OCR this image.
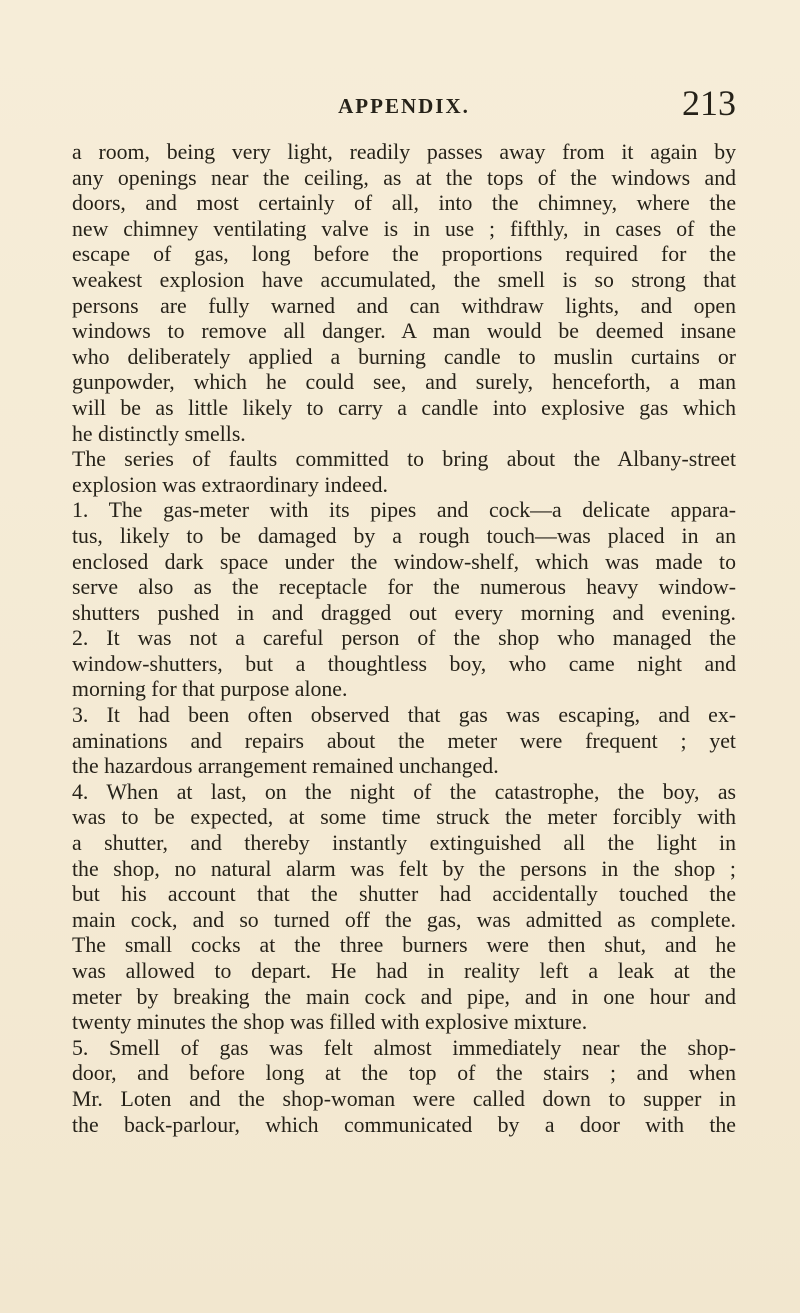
APPENDIX.	213
a room, being very light, readily passes away from it again by
any openings near the ceiling, as at the tops of the windows and
doors, and most certainly of all, into the chimney, where the
new chimney ventilating valve is in use ; fifthly, in cases of the
escape of gas, long before the proportions required for the
weakest explosion have accumulated, the smell is so strong that
persons are fully warned and can withdraw lights, and open
windows to remove all danger. A man would be deemed insane
who deliberately applied a burning candle to muslin curtains or
gunpowder, which he could see, and surely, henceforth, a man
will be as little likely to carry a candle into explosive gas which
he distinctly smells.
The series of faults committed to bring about the Albany-street
explosion was extraordinary indeed.
1. The gas-meter with its pipes and cock—a delicate appara-
tus, likely to be damaged by a rough touch—was placed in an
enclosed dark space under the window-shelf, which was made to
serve also as the receptacle for the numerous heavy window-
shutters pushed in and dragged out every morning and evening.
2. It was not a careful person of the shop who managed the
window-shutters, but a thoughtless boy, who came night and
morning for that purpose alone.
3. It had been often observed that gas was escaping, and ex-
aminations and repairs about the meter were frequent ; yet
the hazardous arrangement remained unchanged.
4. When at last, on the night of the catastrophe, the boy, as
was to be expected, at some time struck the meter forcibly with
a shutter, and thereby instantly extinguished all the light in
the shop, no natural alarm was felt by the persons in the shop ;
but his account that the shutter had accidentally touched the
main cock, and so turned off the gas, was admitted as complete.
The small cocks at the three burners were then shut, and he
was allowed to depart. He had in reality left a leak at the
meter by breaking the main cock and pipe, and in one hour and
twenty minutes the shop was filled with explosive mixture.
5. Smell of gas was felt almost immediately near the shop-
door, and before long at the top of the stairs ; and when
Mr. Loten and the shop-woman were called down to supper in
the back-parlour, which communicated by a door with the
